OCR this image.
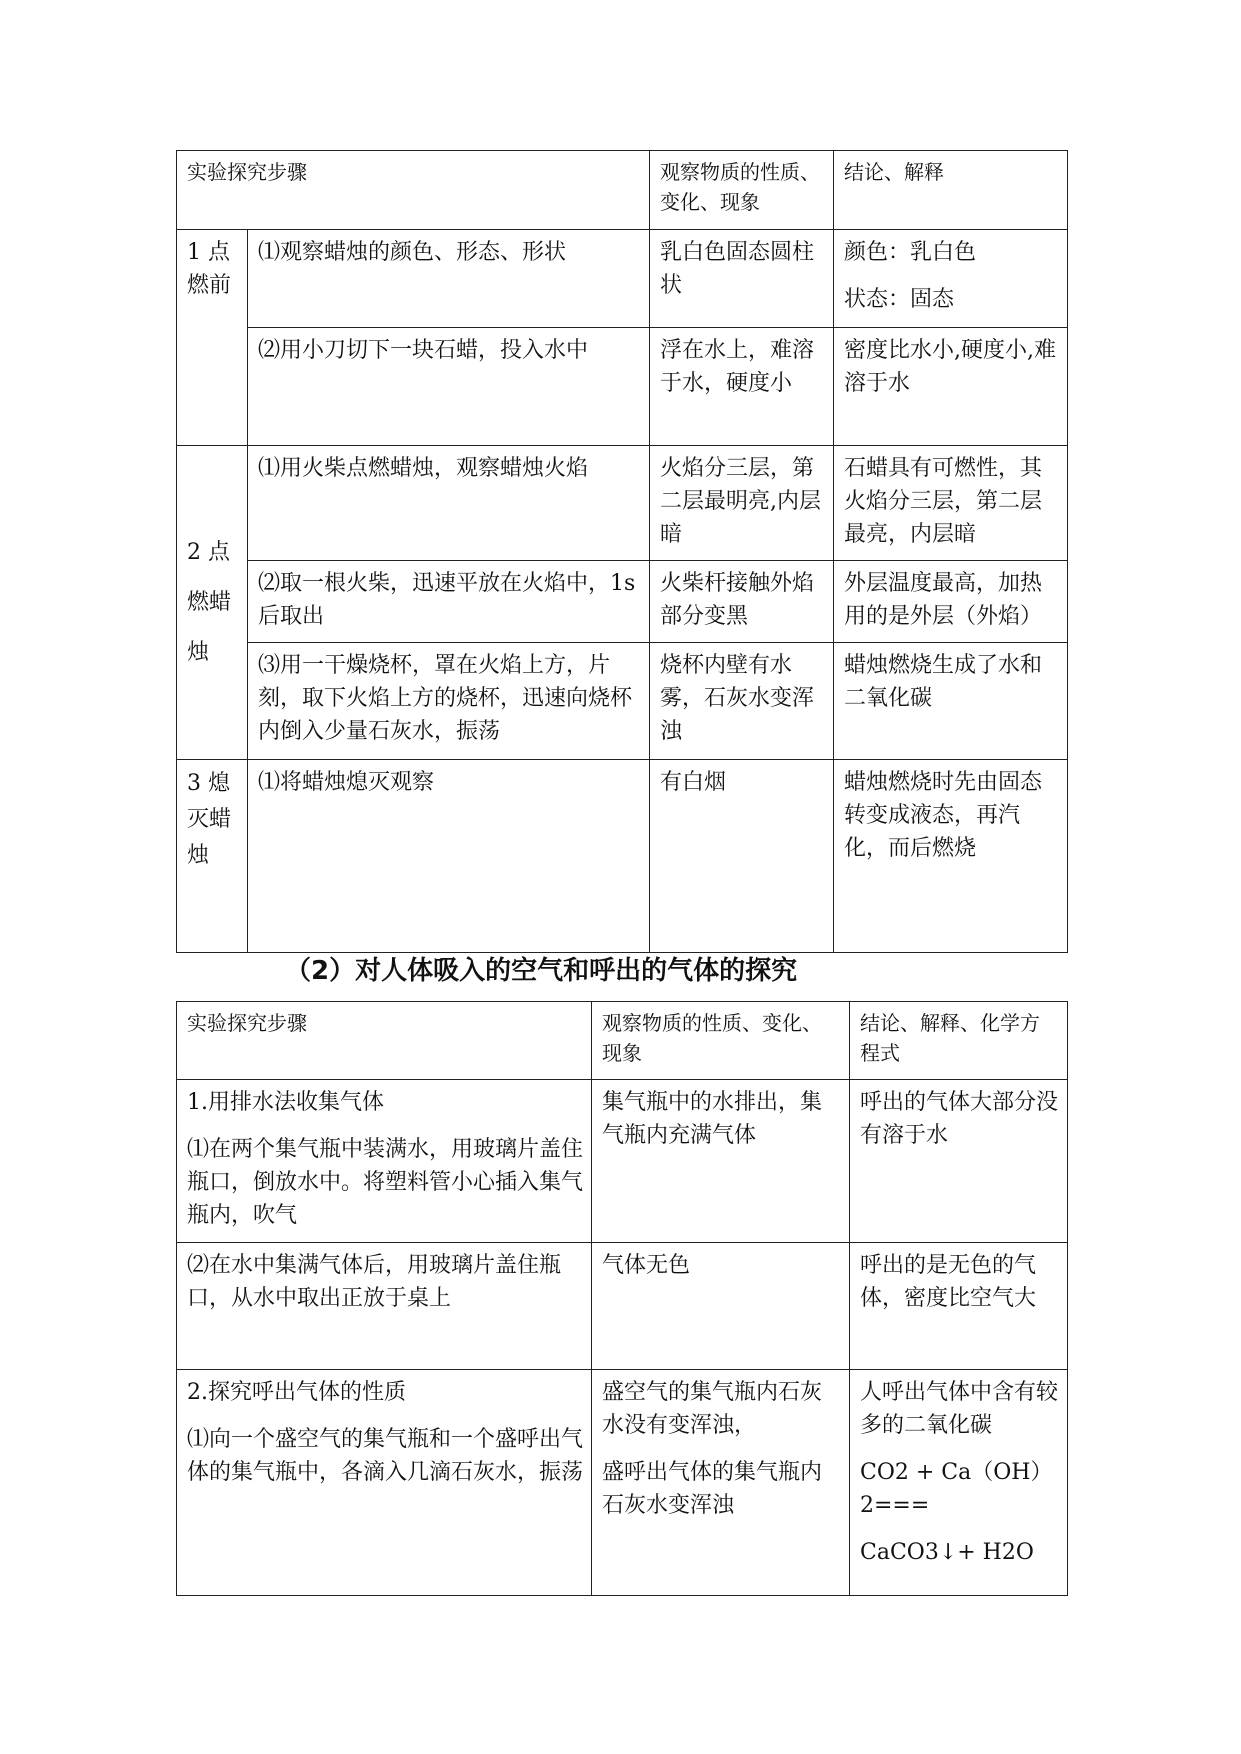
实验探究步骤		观察物质的性质、变化、现象	结论、解释
1 点燃前	⑴观察蜡烛的颜色、形态、形状	乳白色固态圆柱状	颜色：乳白色
状态：固态

	⑵用小刀切下一块石蜡，投入水中	浮在水上，难溶于水，硬度小	密度比水小,硬度小,难溶于水
2 点燃蜡烛	⑴用火柴点燃蜡烛，观察蜡烛火焰	火焰分三层，第二层最明亮,内层暗	石蜡具有可燃性，其火焰分三层，第二层最亮，内层暗
	⑵取一根火柴，迅速平放在火焰中，1s 后取出	火柴杆接触外焰部分变黑	外层温度最高，加热用的是外层（外焰）
	⑶用一干燥烧杯，罩在火焰上方，片刻，取下火焰上方的烧杯，迅速向烧杯内倒入少量石灰水，振荡	烧杯内壁有水雾，石灰水变浑浊	蜡烛燃烧生成了水和二氧化碳
3 熄灭蜡烛	⑴将蜡烛熄灭观察	有白烟	蜡烛燃烧时先由固态转变成液态，再汽化，而后燃烧
（2）对人体吸入的空气和呼出的气体的探究
实验探究步骤	观察物质的性质、变化、现象	结论、解释、化学方程式

1.用排水法收集气体
⑴在两个集气瓶中装满水，用玻璃片盖住瓶口，倒放水中。将塑料管小心插入集气瓶内，吹气	集气瓶中的水排出，集气瓶内充满气体	呼出的气体大部分没有溶于水
⑵在水中集满气体后，用玻璃片盖住瓶口，从水中取出正放于桌上	气体无色	呼出的是无色的气体，密度比空气大

2.探究呼出气体的性质
⑴向一个盛空气的集气瓶和一个盛呼出气体的集气瓶中，各滴入几滴石灰水，振荡	盛空气的集气瓶内石灰水没有变浑浊，
盛呼出气体的集气瓶内石灰水变浑浊	人呼出气体中含有较多的二氧化碳
CO2 + Ca（OH）2===
CaCO3↓+ H2O
